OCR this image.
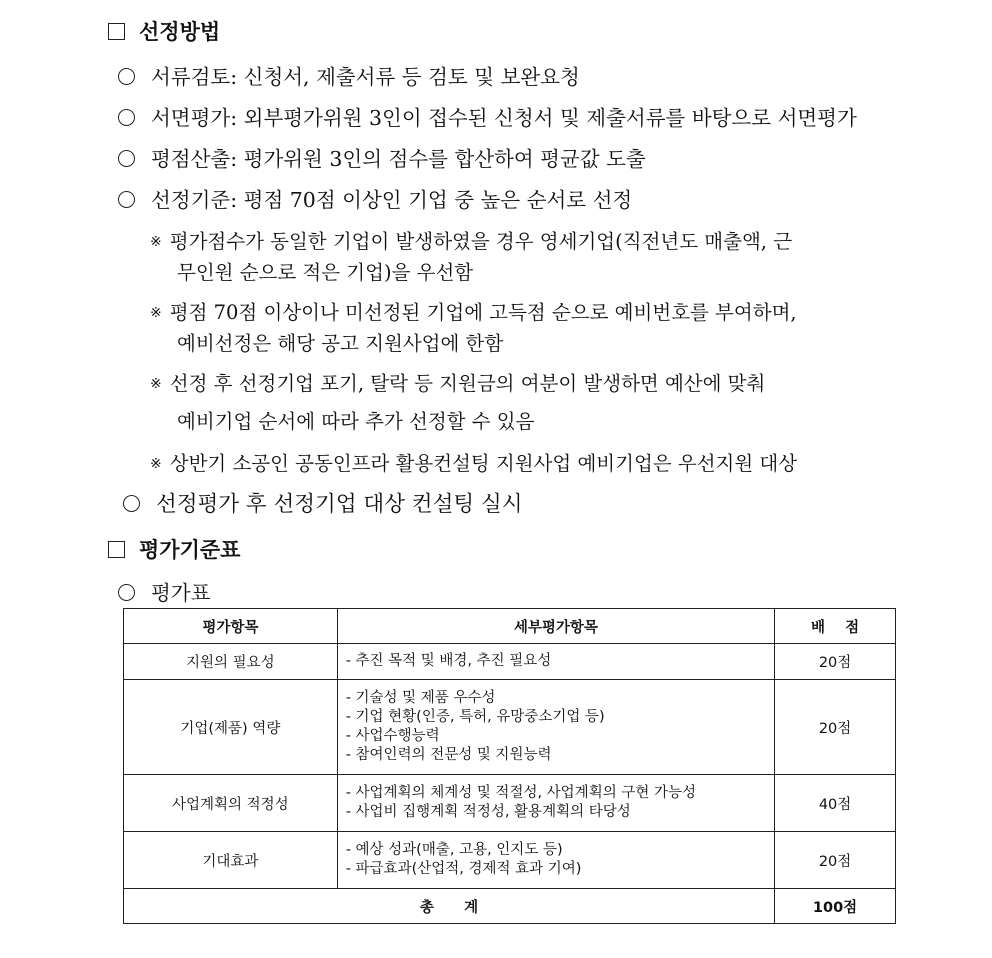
선정방법
서류검토: 신청서, 제출서류 등 검토 및 보완요청
서면평가: 외부평가위원 3인이 접수된 신청서 및 제출서류를 바탕으로 서면평가
평점산출: 평가위원 3인의 점수를 합산하여 평균값 도출
선정기준: 평점 70점 이상인 기업 중 높은 순서로 선정
※ 평가점수가 동일한 기업이 발생하였을 경우 영세기업(직전년도 매출액, 근
무인원 순으로 적은 기업)을 우선함
※ 평점 70점 이상이나 미선정된 기업에 고득점 순으로 예비번호를 부여하며,
예비선정은 해당 공고 지원사업에 한함
※ 선정 후 선정기업 포기, 탈락 등 지원금의 여분이 발생하면 예산에 맞춰
예비기업 순서에 따라 추가 선정할 수 있음
※ 상반기 소공인 공동인프라 활용컨설팅 지원사업 예비기업은 우선지원 대상
선정평가 후 선정기업 대상 컨설팅 실시
평가기준표
평가표
평가항목	세부평가항목	배    점
지원의 필요성	- 추진 목적 및 배경, 추진 필요성	20점
기업(제품) 역량	- 기술성 및 제품 우수성
- 기업 현황(인증, 특허, 유망중소기업 등)
- 사업수행능력
- 참여인력의 전문성 및 지원능력	20점
사업계획의 적정성	- 사업계획의 체계성 및 적절성, 사업계획의 구현 가능성
- 사업비 집행계획 적정성, 활용계획의 타당성	40점
기대효과	- 예상 성과(매출, 고용, 인지도 등)
- 파급효과(산업적, 경제적 효과 기여)	20점
총      계		100점
